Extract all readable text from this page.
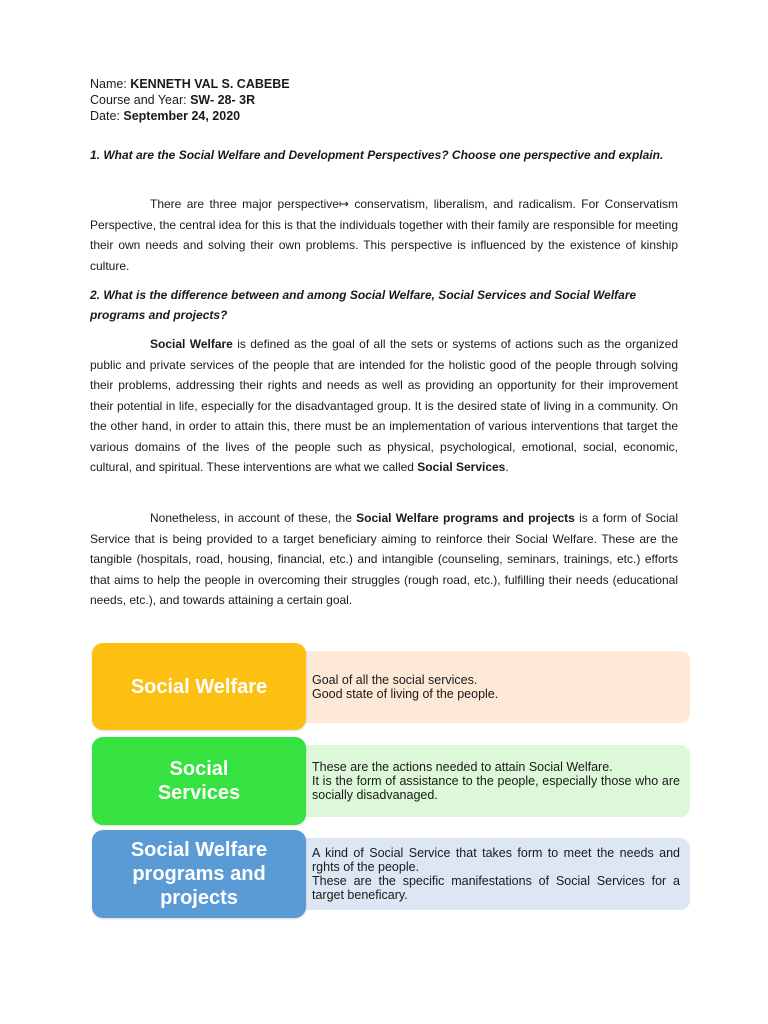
Name: KENNETH VAL S. CABEBE
Course and Year: SW- 28- 3R
Date: September 24, 2020
1. What are the Social Welfare and Development Perspectives? Choose one perspective and explain.
There are three major perspective↦ conservatism, liberalism, and radicalism. For Conservatism Perspective, the central idea for this is that the individuals together with their family are responsible for meeting their own needs and solving their own problems. This perspective is influenced by the existence of kinship culture.
2. What is the difference between and among Social Welfare, Social Services and Social Welfare programs and projects?
Social Welfare is defined as the goal of all the sets or systems of actions such as the organized public and private services of the people that are intended for the holistic good of the people through solving their problems, addressing their rights and needs as well as providing an opportunity for their improvement their potential in life, especially for the disadvantaged group. It is the desired state of living in a community. On the other hand, in order to attain this, there must be an implementation of various interventions that target the various domains of the lives of the people such as physical, psychological, emotional, social, economic, cultural, and spiritual. These interventions are what we called Social Services.
Nonetheless, in account of these, the Social Welfare programs and projects is a form of Social Service that is being provided to a target beneficiary aiming to reinforce their Social Welfare. These are the tangible (hospitals, road, housing, financial, etc.) and intangible (counseling, seminars, trainings, etc.) efforts that aims to help the people in overcoming their struggles (rough road, etc.), fulfilling their needs (educational needs, etc.), and towards attaining a certain goal.
Social Welfare	Goal of all the social services.
Good state of living of the people.
Social Services
These are the actions needed to attain Social Welfare.
It is the form of assistance to the people, especially those who are socially disadvanaged.
Social Welfare programs and projects
A kind of Social Service that takes form to meet the needs and rghts of the people.
These are the specific manifestations of Social Services for a target beneficary.
